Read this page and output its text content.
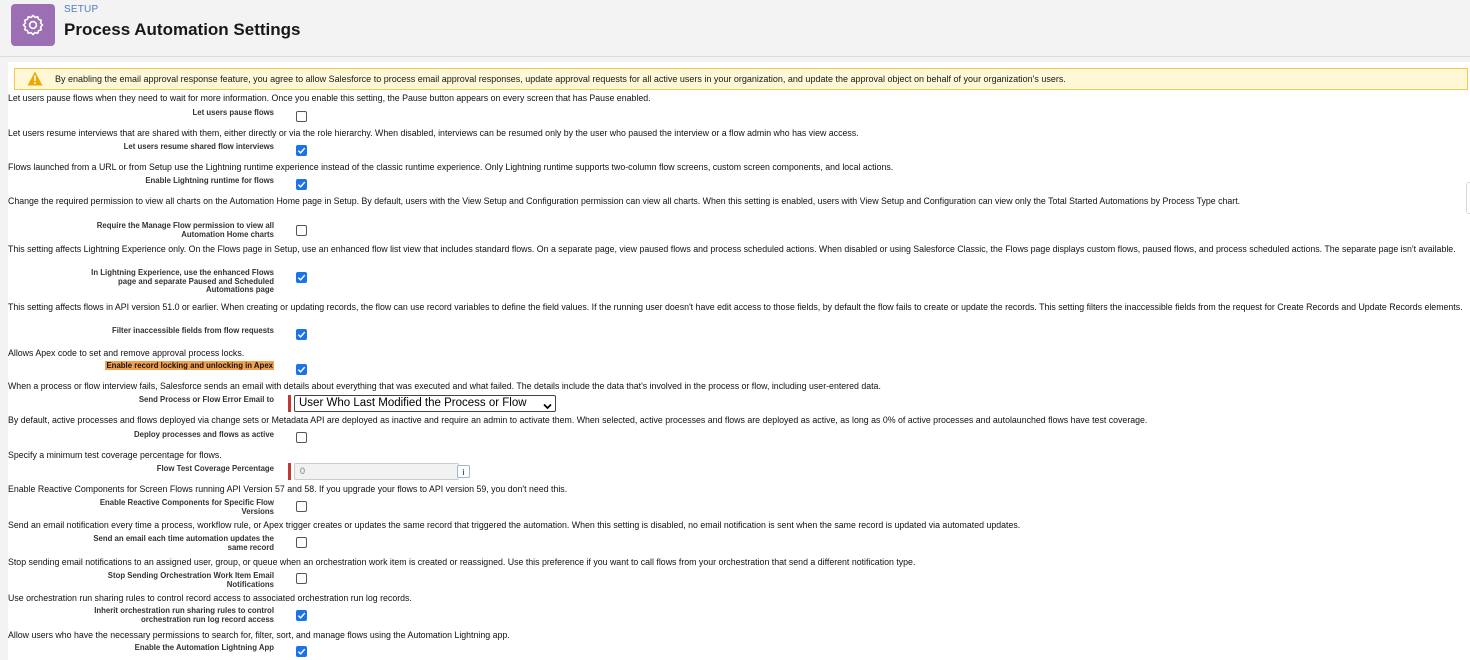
SETUP
Process Automation Settings
By enabling the email approval response feature, you agree to allow Salesforce to process email approval responses, update approval requests for all active users in your organization, and update the approval object on behalf of your organization's users.
Let users pause flows when they need to wait for more information. Once you enable this setting, the Pause button appears on every screen that has Pause enabled.
Let users pause flows
Let users resume interviews that are shared with them, either directly or via the role hierarchy. When disabled, interviews can be resumed only by the user who paused the interview or a flow admin who has view access.
Let users resume shared flow interviews
Flows launched from a URL or from Setup use the Lightning runtime experience instead of the classic runtime experience. Only Lightning runtime supports two-column flow screens, custom screen components, and local actions.
Enable Lightning runtime for flows
Change the required permission to view all charts on the Automation Home page in Setup. By default, users with the View Setup and Configuration permission can view all charts. When this setting is enabled, users with View Setup and Configuration can view only the Total Started Automations by Process Type chart.
Require the Manage Flow permission to view all Automation Home charts
This setting affects Lightning Experience only. On the Flows page in Setup, use an enhanced flow list view that includes standard flows. On a separate page, view paused flows and process scheduled actions. When disabled or using Salesforce Classic, the Flows page displays custom flows, paused flows, and process scheduled actions. The separate page isn't available.
In Lightning Experience, use the enhanced Flows page and separate Paused and Scheduled Automations page
This setting affects flows in API version 51.0 or earlier. When creating or updating records, the flow can use record variables to define the field values. If the running user doesn't have edit access to those fields, by default the flow fails to create or update the records. This setting filters the inaccessible fields from the request for Create Records and Update Records elements.
Filter inaccessible fields from flow requests
Allows Apex code to set and remove approval process locks.
Enable record locking and unlocking in Apex
When a process or flow interview fails, Salesforce sends an email with details about everything that was executed and what failed. The details include the data that's involved in the process or flow, including user-entered data.
Send Process or Flow Error Email to	User Who Last Modified the Process or Flow
By default, active processes and flows deployed via change sets or Metadata API are deployed as inactive and require an admin to activate them. When selected, active processes and flows are deployed as active, as long as 0% of active processes and autolaunched flows have test coverage.
Deploy processes and flows as active
Specify a minimum test coverage percentage for flows.
Flow Test Coverage Percentage	0	i
Enable Reactive Components for Screen Flows running API Version 57 and 58. If you upgrade your flows to API version 59, you don't need this.
Enable Reactive Components for Specific Flow Versions
Send an email notification every time a process, workflow rule, or Apex trigger creates or updates the same record that triggered the automation. When this setting is disabled, no email notification is sent when the same record is updated via automated updates.
Send an email each time automation updates the same record
Stop sending email notifications to an assigned user, group, or queue when an orchestration work item is created or reassigned. Use this preference if you want to call flows from your orchestration that send a different notification type.
Stop Sending Orchestration Work Item Email Notifications
Use orchestration run sharing rules to control record access to associated orchestration run log records.
Inherit orchestration run sharing rules to control orchestration run log record access
Allow users who have the necessary permissions to search for, filter, sort, and manage flows using the Automation Lightning app.
Enable the Automation Lightning App
